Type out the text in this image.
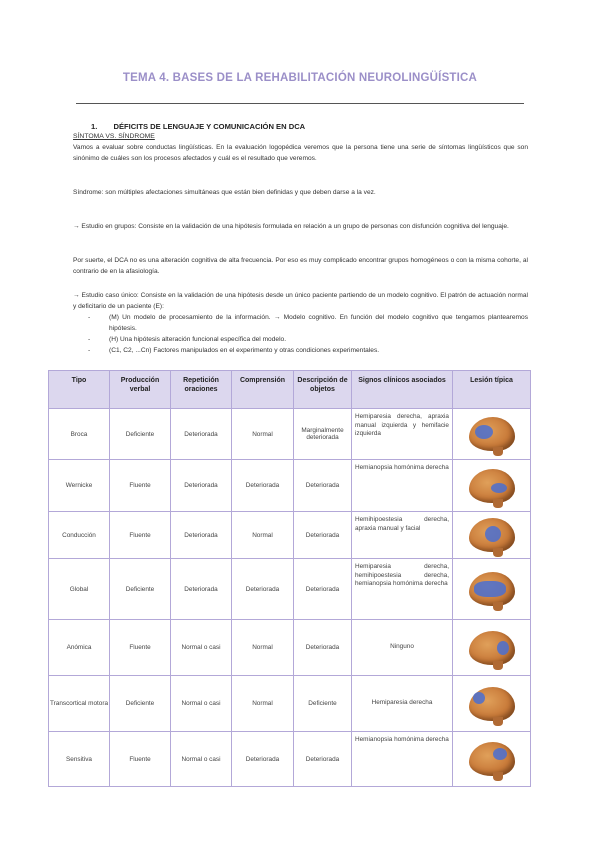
TEMA 4. BASES DE LA REHABILITACIÓN NEUROLINGÜÍSTICA
1. DÉFICITS DE LENGUAJE Y COMUNICACIÓN EN DCA
SÍNTOMA VS. SÍNDROME
Vamos a evaluar sobre conductas lingüísticas. En la evaluación logopédica veremos que la persona tiene una serie de síntomas lingüísticos que son sinónimo de cuáles son los procesos afectados y cuál es el resultado que veremos.
Síndrome: son múltiples afectaciones simultáneas que están bien definidas y que deben darse a la vez.
→ Estudio en grupos: Consiste en la validación de una hipótesis formulada en relación a un grupo de personas con disfunción cognitiva del lenguaje.
Por suerte, el DCA no es una alteración cognitiva de alta frecuencia. Por eso es muy complicado encontrar grupos homogéneos o con la misma cohorte, al contrario de en la afasiología.
→ Estudio caso único: Consiste en la validación de una hipótesis desde un único paciente partiendo de un modelo cognitivo. El patrón de actuación normal y deficitario de un paciente (E):
-	(M) Un modelo de procesamiento de la información. → Modelo cognitivo. En función del modelo cognitivo que tengamos plantearemos hipótesis.
-	(H) Una hipótesis alteración funcional específica del modelo.
-	(C1, C2, ...Cn) Factores manipulados en el experimento y otras condiciones experimentales.
Tipo	Producción verbal	Repetición oraciones	Comprensión	Descripción de objetos	Signos clínicos asociados	Lesión típica
Broca	Deficiente	Deteriorada	Normal	Marginalmente deteriorada	Hemiparesia derecha, apraxia manual izquierda y hemifacie izquierda	

Wernicke	Fluente	Deteriorada	Deteriorada	Deteriorada	Hemianopsia homónima derecha	

Conducción	Fluente	Deteriorada	Normal	Deteriorada	Hemihipoestesia derecha, apraxia manual y facial	

Global	Deficiente	Deteriorada	Deteriorada	Deteriorada	Hemiparesia derecha, hemihipoestesia derecha, hemianopsia homónima derecha	

Anómica	Fluente	Normal o casi	Normal	Deteriorada	Ninguno	

Transcortical motora	Deficiente	Normal o casi	Normal	Deficiente	Hemiparesia derecha	

Sensitiva	Fluente	Normal o casi	Deteriorada	Deteriorada	Hemianopsia homónima derecha	
